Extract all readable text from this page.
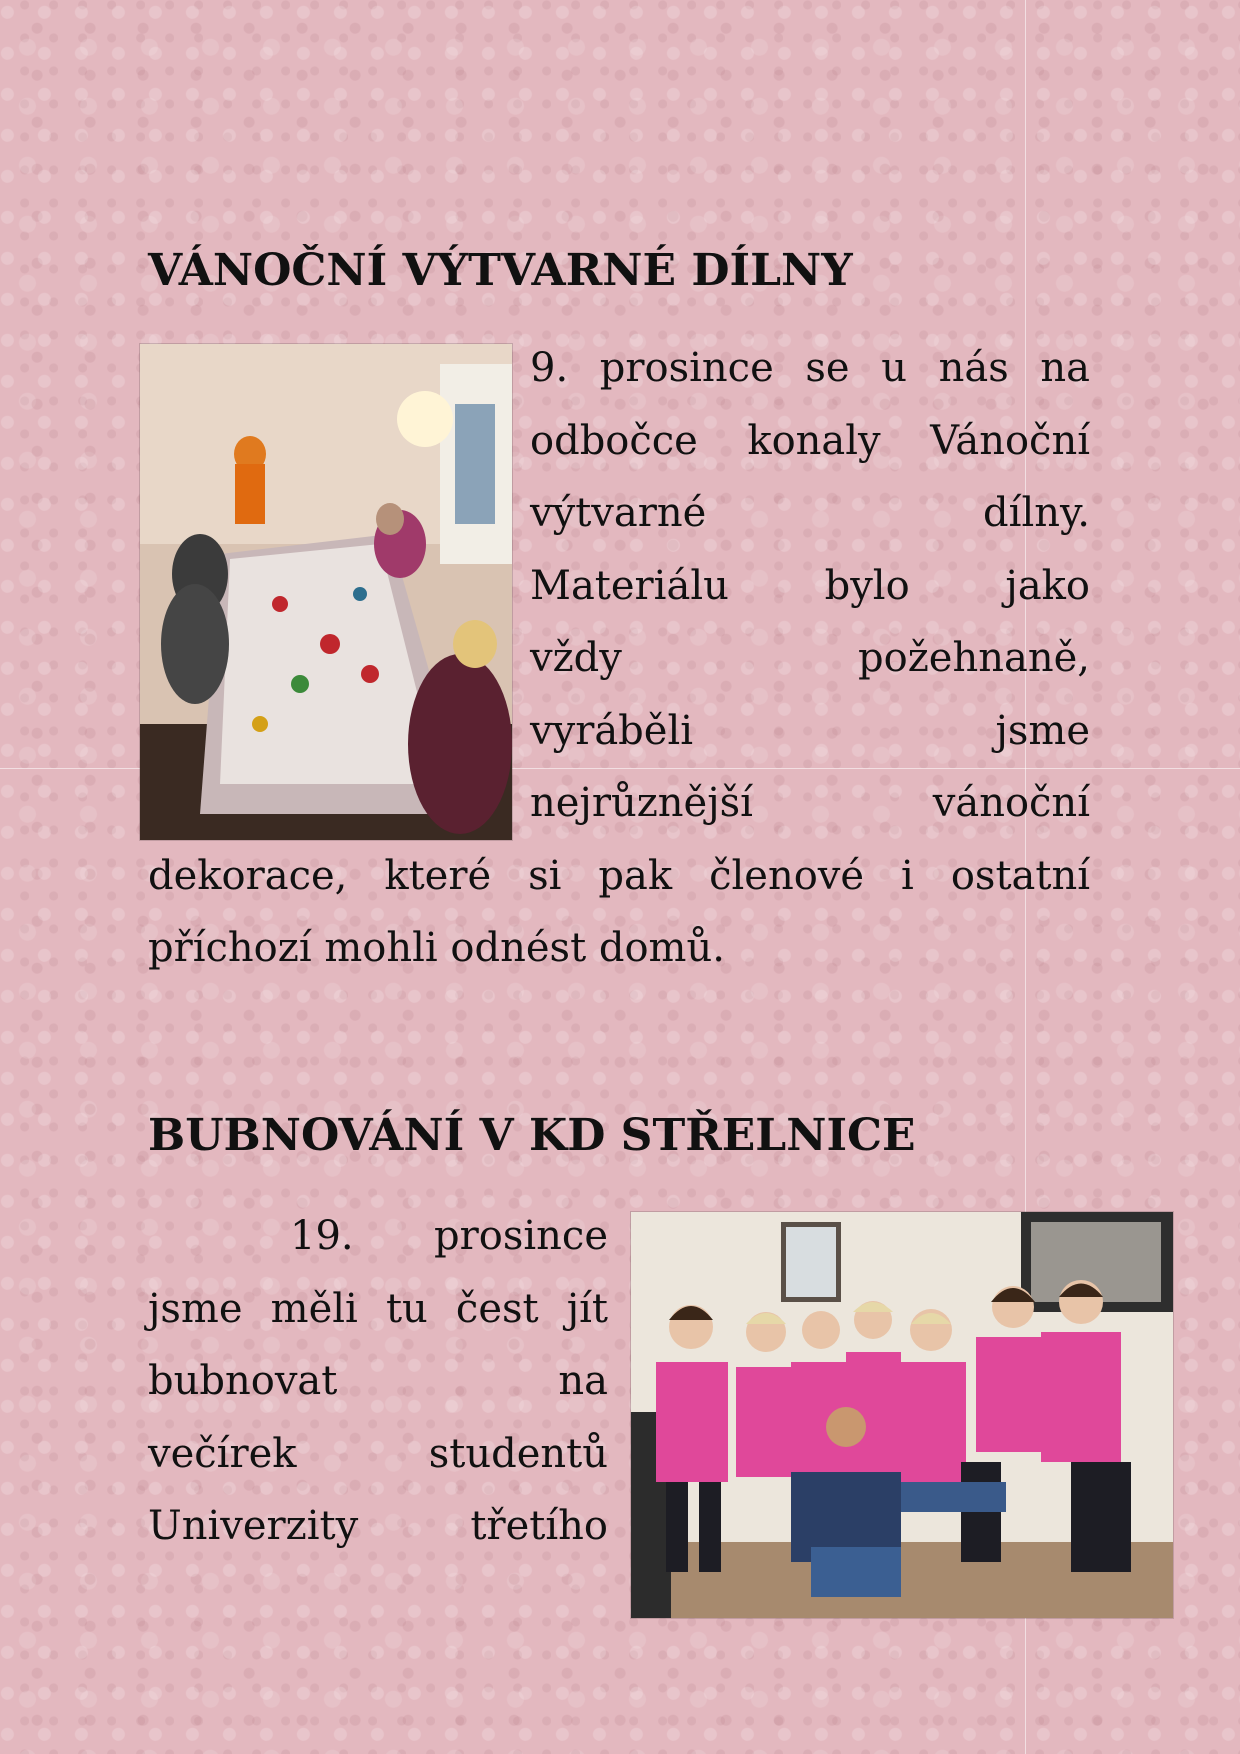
VÁNOČNÍ VÝTVARNÉ DÍLNY
9. prosince se u nás na
odbočce konaly Vánoční
výtvarné dílny.
Materiálu bylo jako
vždy požehnaně,
vyráběli jsme
nejrůznější vánoční
dekorace, které si pak členové i ostatní
příchozí mohli odnést domů.
BUBNOVÁNÍ V KD STŘELNICE
19. prosince
jsme měli tu čest jít
bubnovat na
večírek studentů
Univerzity třetího
